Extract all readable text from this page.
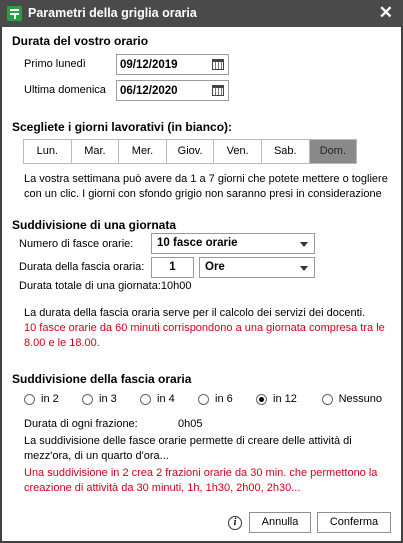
Parametri della griglia oraria	✕
Durata del vostro orario
Primo lunedì	09/12/2019
Ultima domenica	06/12/2020
Scegliete i giorni lavorativi (in bianco):
Lun.	Mar.	Mer.	Giov.	Ven.	Sab.	Dom.
La vostra settimana può avere da 1 a 7 giorni che potete mettere o togliere
con un clic. I giorni con sfondo grigio non saranno presi in considerazione
Suddivisione di una giornata
Numero di fasce orarie:	10 fasce orarie
Durata della fascia oraria:	1	Ore
Durata totale di una giornata:10h00
La durata della fascia oraria serve per il calcolo dei servizi dei docenti.
10 fasce orarie da 60 minuti corrispondono a una giornata compresa tra le
8.00 e le 18.00.
Suddivisione della fascia oraria
in 2	in 3	in 4	in 6	in 12	Nessuno
Durata di ogni frazione:	0h05
La suddivisione delle fasce orarie permette di creare delle attività di
mezz'ora, di un quarto d'ora...
Una suddivisione in 2 crea 2 frazioni orarie da 30 min. che permettono la
creazione di attività da 30 minuti, 1h, 1h30, 2h00, 2h30...
i	Annulla	Conferma
